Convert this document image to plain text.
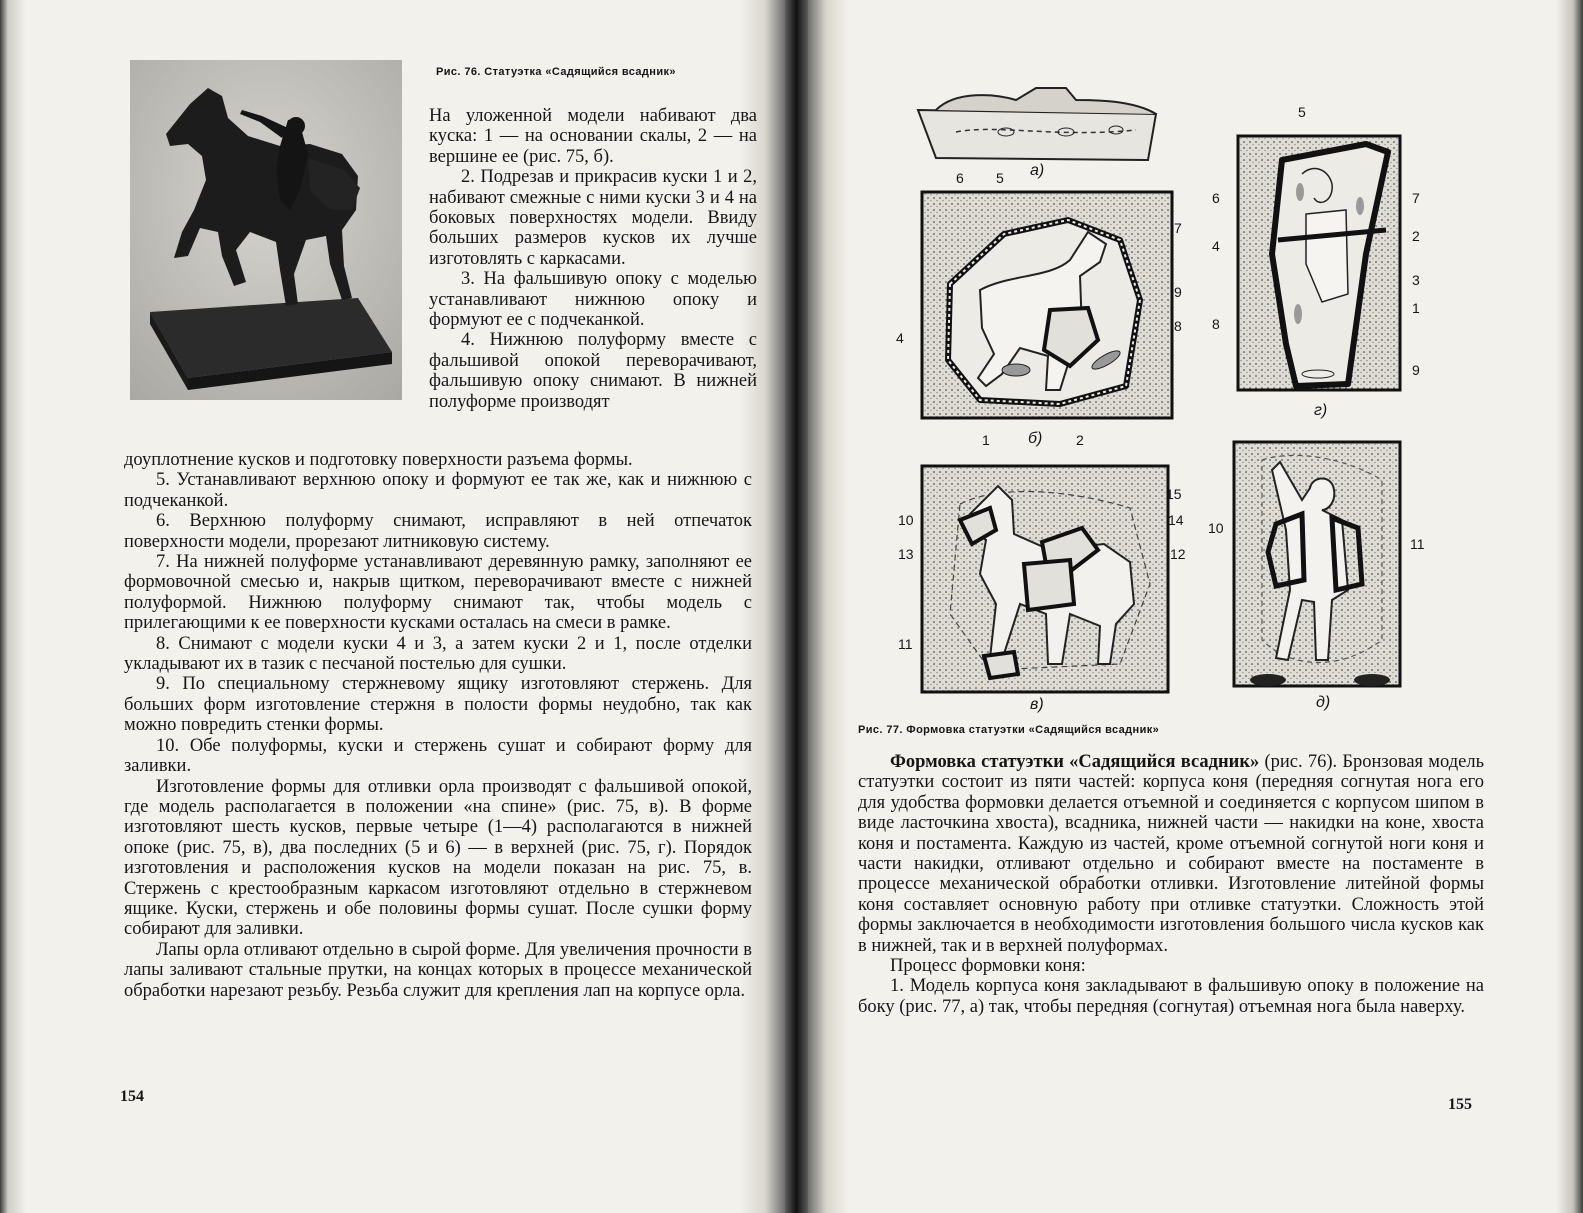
Рис. 76. Статуэтка «Садящийся всадник»

На уложенной модели набивают два куска: 1 — на основании скалы, 2 — на вершине ее (рис. 75, б).

2. Подрезав и прикрасив куски 1 и 2, набивают смежные с ними куски 3 и 4 на боковых поверхностях модели. Ввиду больших размеров кусков их лучше изготовлять с каркасами.

3. На фальшивую опоку с моделью устанавливают нижнюю опоку и формуют ее с подчеканкой.

4. Нижнюю полуформу вместе с фальшивой опокой переворачивают, фальшивую опоку снимают. В нижней полуформе производят

доуплотнение кусков и подготовку поверхности разъема формы.

5. Устанавливают верхнюю опоку и формуют ее так же, как и нижнюю с подчеканкой.

6. Верхнюю полуформу снимают, исправляют в ней отпечаток поверхности модели, прорезают литниковую систему.

7. На нижней полуформе устанавливают деревянную рамку, заполняют ее формовочной смесью и, накрыв щитком, переворачивают вместе с нижней полуформой. Нижнюю полуформу снимают так, чтобы модель с прилегающими к ее поверхности кусками осталась на смеси в рамке.

8. Снимают с модели куски 4 и 3, а затем куски 2 и 1, после отделки укладывают их в тазик с песчаной постелью для сушки.

9. По специальному стержневому ящику изготовляют стержень. Для больших форм изготовление стержня в полости формы неудобно, так как можно повредить стенки формы.

10. Обе полуформы, куски и стержень сушат и собирают форму для заливки.

Изготовление формы для отливки орла производят с фальшивой опокой, где модель располагается в положении «на спине» (рис. 75, в). В форме изготовляют шесть кусков, первые четыре (1—4) располагаются в нижней опоке (рис. 75, в), два последних (5 и 6) — в верхней (рис. 75, г). Порядок изготовления и расположения кусков на модели показан на рис. 75, в. Стержень с крестообразным каркасом изготовляют отдельно в стержневом ящике. Куски, стержень и обе половины формы сушат. После сушки форму собирают для заливки.

Лапы орла отливают отдельно в сырой форме. Для увеличения прочности в лапы заливают стальные прутки, на концах которых в процессе механической обработки нарезают резьбу. Резьба служит для крепления лап на корпусе орла.

154
а)
6 5
7
9
8
4
1 б) 2
5
6	7
4
2
3
1
8
9
г)
15
10	14
13	12
11
в)
10
11
д)
Рис. 77. Формовка статуэтки «Садящийся всадник»

Формовка статуэтки «Садящийся всадник» (рис. 76). Бронзовая модель статуэтки состоит из пяти частей: корпуса коня (передняя согнутая нога его для удобства формовки делается отъемной и соединяется с корпусом шипом в виде ласточкина хвоста), всадника, нижней части — накидки на коне, хвоста коня и постамента. Каждую из частей, кроме отъемной согнутой ноги коня и части накидки, отливают отдельно и собирают вместе на постаменте в процессе механической обработки отливки. Изготовление литейной формы коня составляет основную работу при отливке статуэтки. Сложность этой формы заключается в необходимости изготовления большого числа кусков как в нижней, так и в верхней полуформах.

Процесс формовки коня:

1. Модель корпуса коня закладывают в фальшивую опоку в положение на боку (рис. 77, а) так, чтобы передняя (согнутая) отъемная нога была наверху.

155
